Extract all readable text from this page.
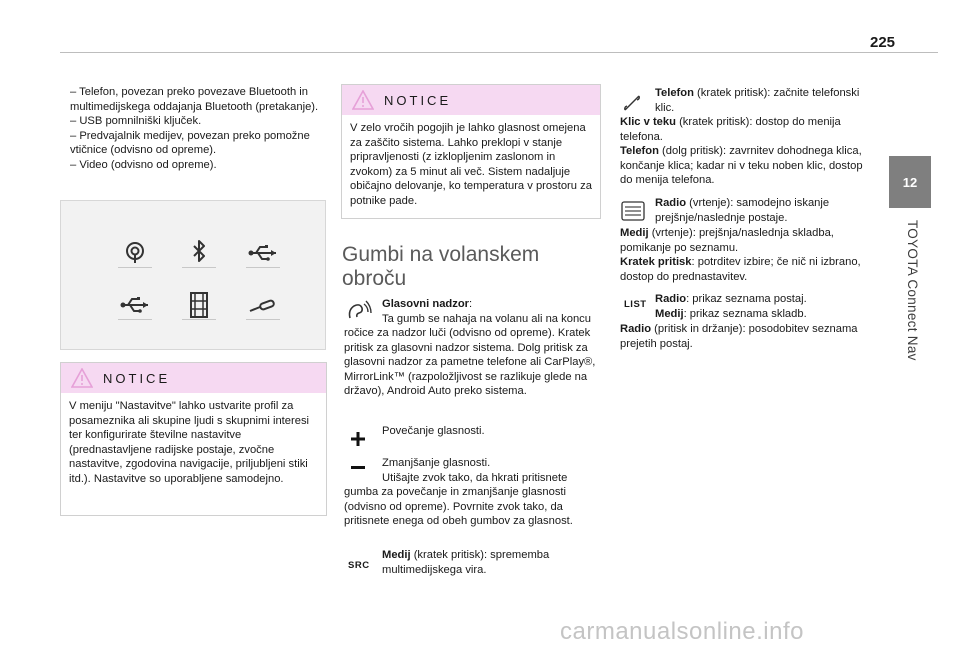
225
12
TOYOTA Connect Nav

– Telefon, povezan preko povezave Bluetooth in multimedijskega oddajanja Bluetooth (pretakanje).

– USB pomnilniški ključek.

– Predvajalnik medijev, povezan preko pomožne vtičnice (odvisno od opreme).

– Video (odvisno od opreme).

NOTICE
V meniju "Nastavitve" lahko ustvarite profil za posameznika ali skupine ljudi s skupnimi interesi ter konfigurirate številne nastavitve (prednastavljene radijske postaje, zvočne nastavitve, zgodovina navigacije, priljubljeni stiki itd.). Nastavitve so uporabljene samodejno.
NOTICE
V zelo vročih pogojih je lahko glasnost omejena za zaščito sistema. Lahko preklopi v stanje pripravljenosti (z izklopljenim zaslonom in zvokom) za 5 minut ali več. Sistem nadaljuje običajno delovanje, ko temperatura v prostoru za potnike pade.
Gumbi na volanskem obroču
Glasovni nadzor:
Ta gumb se nahaja na volanu ali na koncu
ročice za nadzor luči (odvisno od opreme). Kratek pritisk za glasovni nadzor sistema. Dolg pritisk za glasovni nadzor za pametne telefone ali CarPlay®, MirrorLink™ (razpoložljivost se razlikuje glede na državo), Android Auto preko sistema.
Povečanje glasnosti.
Zmanjšanje glasnosti.
Utišajte zvok tako, da hkrati pritisnete
gumba za povečanje in zmanjšanje glasnosti (odvisno od opreme). Povrnite zvok tako, da pritisnete enega od obeh gumbov za glasnost.
SRC
Medij (kratek pritisk): sprememba multimedijskega vira.
Telefon (kratek pritisk): začnite telefonski klic.
Klic v teku (kratek pritisk): dostop do menija telefona.
Telefon (dolg pritisk): zavrnitev dohodnega klica, končanje klica; kadar ni v teku noben klic, dostop do menija telefona.
Radio (vrtenje): samodejno iskanje prejšnje/naslednje postaje.
Medij (vrtenje): prejšnja/naslednja skladba, pomikanje po seznamu.
Kratek pritisk: potrditev izbire; če nič ni izbrano, dostop do prednastavitev.
LIST Radio: prikaz seznama postaj.
Medij: prikaz seznama skladb.
Radio (pritisk in držanje): posodobitev seznama prejetih postaj.
carmanualsonline.info
